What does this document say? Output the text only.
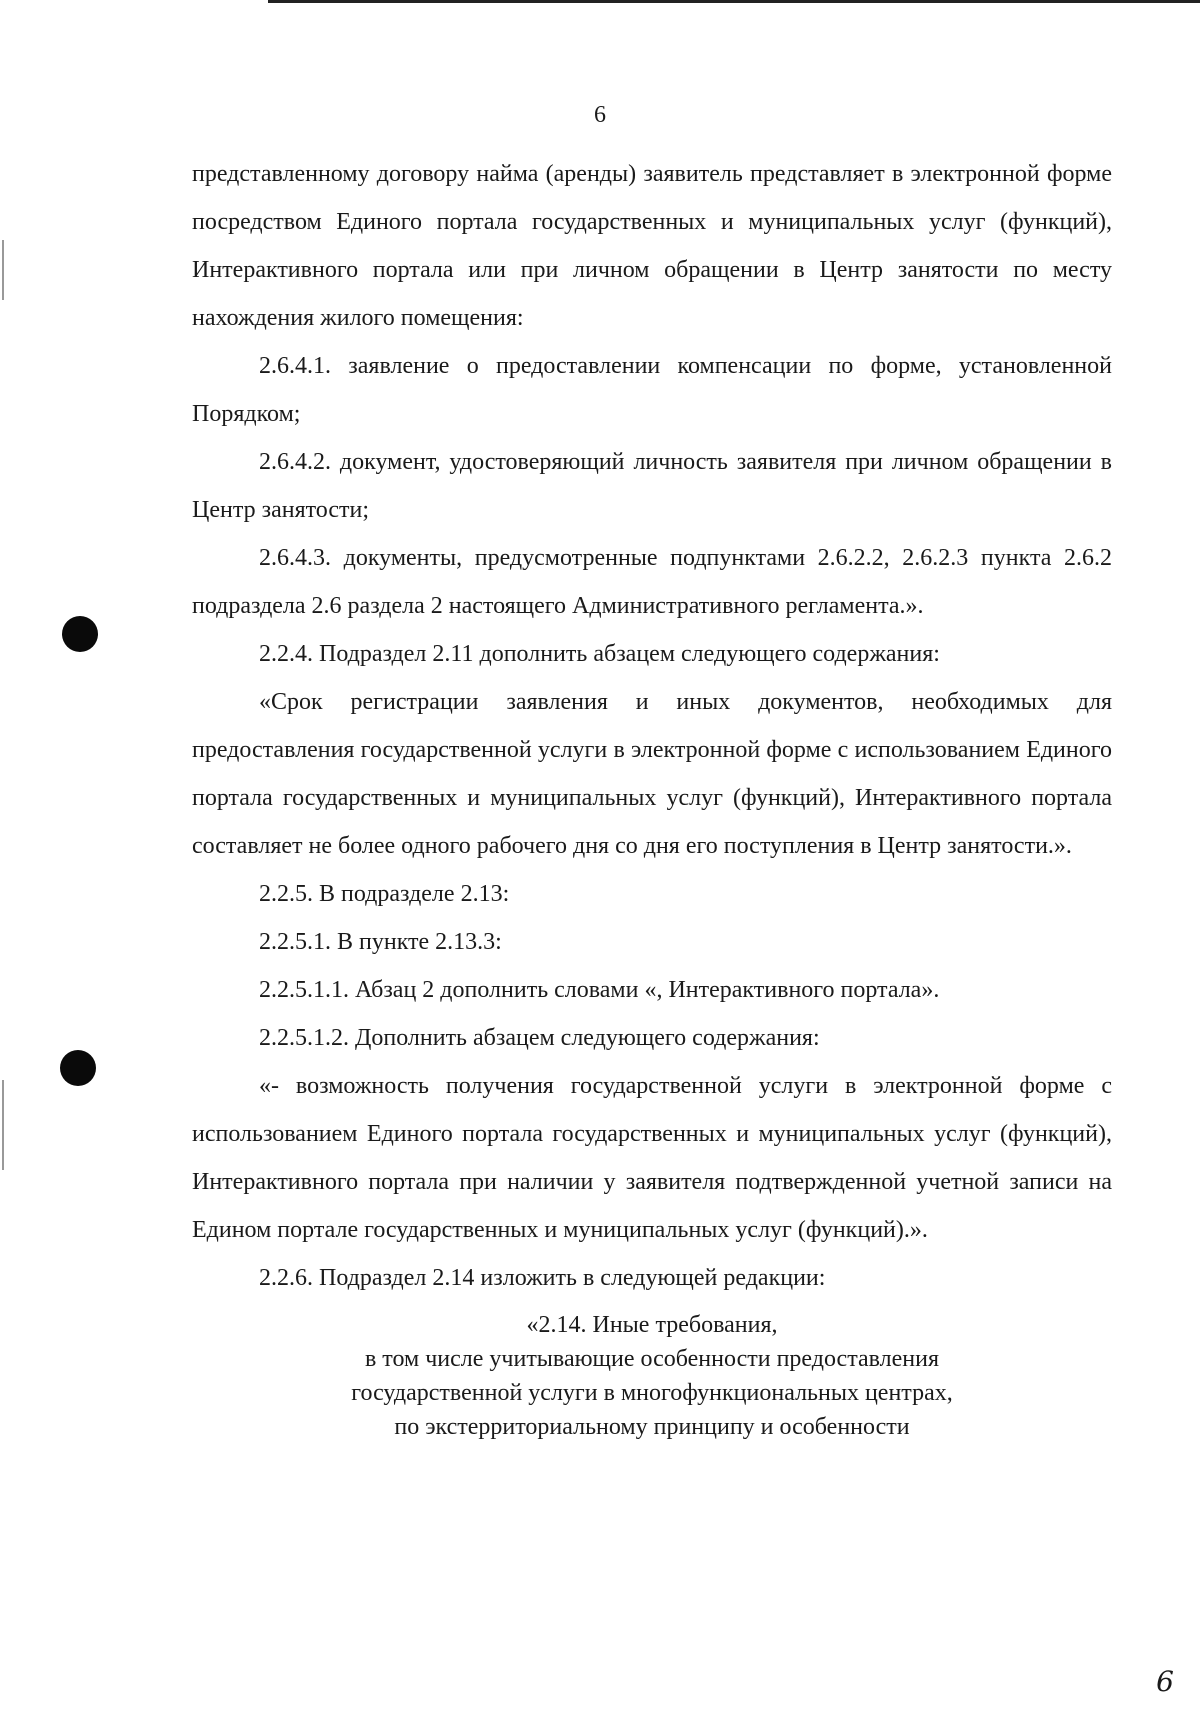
6

представленному договору найма (аренды) заявитель представляет в электронной форме посредством Единого портала государственных и муниципальных услуг (функций), Интерактивного портала или при личном обращении в Центр занятости по месту нахождения жилого помещения:

2.6.4.1. заявление о предоставлении компенсации по форме, установленной Порядком;

2.6.4.2. документ, удостоверяющий личность заявителя при личном обращении в Центр занятости;

2.6.4.3. документы, предусмотренные подпунктами 2.6.2.2, 2.6.2.3 пункта 2.6.2 подраздела 2.6 раздела 2 настоящего Административного регламента.».

2.2.4. Подраздел 2.11 дополнить абзацем следующего содержания:

«Срок регистрации заявления и иных документов, необходимых для предоставления государственной услуги в электронной форме с использованием Единого портала государственных и муниципальных услуг (функций), Интерактивного портала составляет не более одного рабочего дня со дня его поступления в Центр занятости.».

2.2.5. В подразделе 2.13:

2.2.5.1. В пункте 2.13.3:

2.2.5.1.1. Абзац 2 дополнить словами «, Интерактивного портала».

2.2.5.1.2. Дополнить абзацем следующего содержания:

«- возможность получения государственной услуги в электронной форме с использованием Единого портала государственных и муниципальных услуг (функций), Интерактивного портала при наличии у заявителя подтвержденной учетной записи на Едином портале государственных и муниципальных услуг (функций).».

2.2.6. Подраздел 2.14 изложить в следующей редакции:

«2.14. Иные требования,
в том числе учитывающие особенности предоставления
государственной услуги в многофункциональных центрах,
по экстерриториальному принципу и особенности
6
